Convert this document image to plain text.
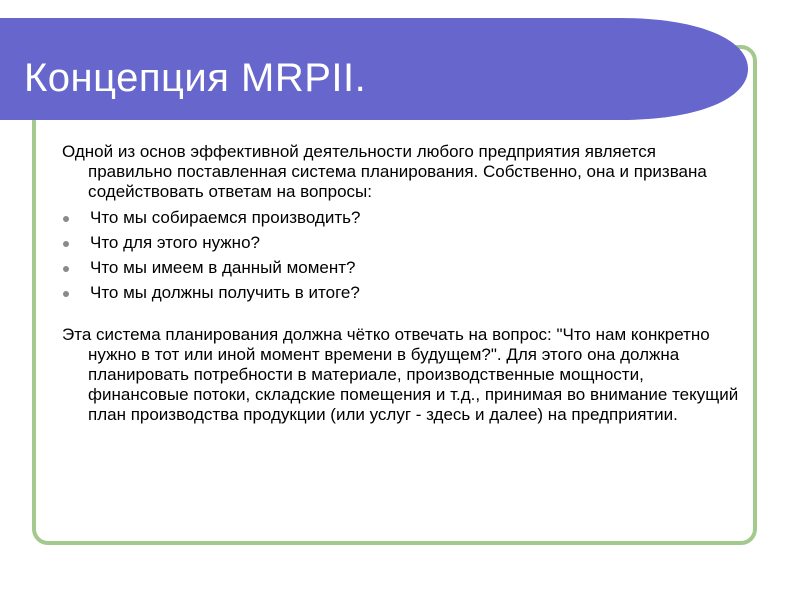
Концепция MRPII.

Одной из основ эффективной деятельности любого предприятия является правильно поставленная система планирования. Собственно, она и призвана содействовать ответам на вопросы:

Что мы собираемся производить?
Что для этого нужно?
Что мы имеем в данный момент?
Что мы должны получить в итоге?

Эта система планирования должна чётко отвечать на вопрос: "Что нам конкретно нужно в тот или иной момент времени в будущем?". Для этого она должна планировать потребности в материале, производственные мощности, финансовые потоки, складские помещения и т.д., принимая во внимание текущий план производства продукции (или услуг - здесь и далее) на предприятии.
